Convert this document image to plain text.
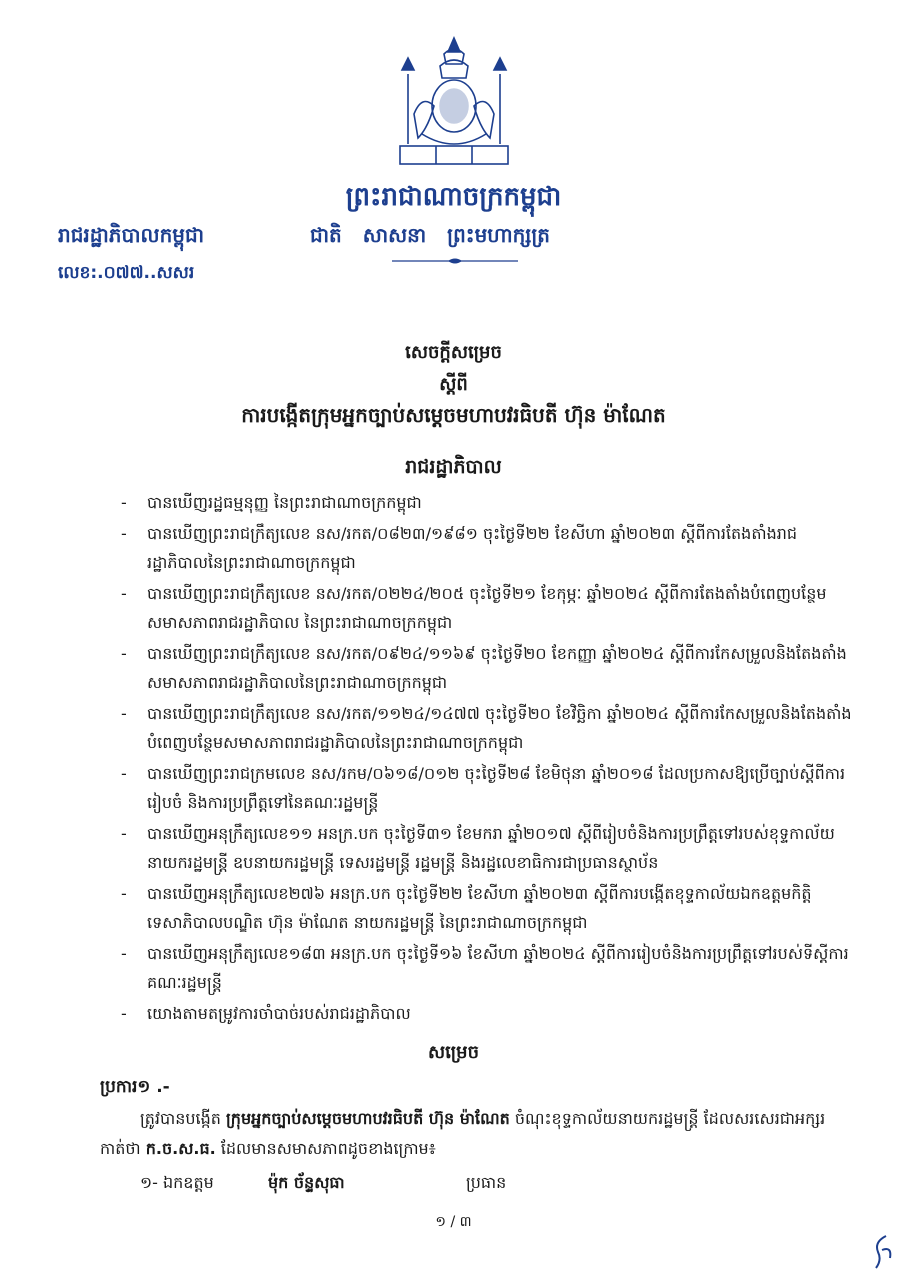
ព្រះរាជាណាចក្រកម្ពុជា
រាជរដ្ឋាភិបាលកម្ពុជា	ជាតិ សាសនា ព្រះមហាក្សត្រ
លេខ:.០៧៧..សសរ
សេចក្តីសម្រេច
ស្តីពី
ការបង្កើតក្រុមអ្នកច្បាប់សម្តេចមហាបវរធិបតី ហ៊ុន ម៉ាណែត
រាជរដ្ឋាភិបាល
- បានឃើញរដ្ឋធម្មនុញ្ញ នៃព្រះរាជាណាចក្រកម្ពុជា
- បានឃើញព្រះរាជក្រឹត្យលេខ នស/រកត/០៨២៣/១៩៨១ ចុះថ្ងៃទី២២ ខែសីហា ឆ្នាំ២០២៣ ស្តីពីការតែងតាំងរាជរដ្ឋាភិបាលនៃព្រះរាជាណាចក្រកម្ពុជា
- បានឃើញព្រះរាជក្រឹត្យលេខ នស/រកត/០២២៤/២០៥ ចុះថ្ងៃទី២១ ខែកុម្ភៈ ឆ្នាំ២០២៤ ស្តីពីការតែងតាំងបំពេញបន្ថែមសមាសភាពរាជរដ្ឋាភិបាល នៃព្រះរាជាណាចក្រកម្ពុជា
- បានឃើញព្រះរាជក្រឹត្យលេខ នស/រកត/០៩២៤/១១៦៩ ចុះថ្ងៃទី២០ ខែកញ្ញា ឆ្នាំ២០២៤ ស្តីពីការកែសម្រួលនិងតែងតាំងសមាសភាពរាជរដ្ឋាភិបាលនៃព្រះរាជាណាចក្រកម្ពុជា
- បានឃើញព្រះរាជក្រឹត្យលេខ នស/រកត/១១២៤/១៤៧៧ ចុះថ្ងៃទី២០ ខែវិច្ឆិកា ឆ្នាំ២០២៤ ស្តីពីការកែសម្រួលនិងតែងតាំងបំពេញបន្ថែមសមាសភាពរាជរដ្ឋាភិបាលនៃព្រះរាជាណាចក្រកម្ពុជា
- បានឃើញព្រះរាជក្រមលេខ នស/រកម/០៦១៨/០១២ ចុះថ្ងៃទី២៨ ខែមិថុនា ឆ្នាំ២០១៨ ដែលប្រកាសឱ្យប្រើច្បាប់ស្តីពីការរៀបចំ និងការប្រព្រឹត្តទៅនៃគណៈរដ្ឋមន្ត្រី
- បានឃើញអនុក្រឹត្យលេខ១១ អនក្រ.បក ចុះថ្ងៃទី៣១ ខែមករា ឆ្នាំ២០១៧ ស្តីពីរៀបចំនិងការប្រព្រឹត្តទៅរបស់ខុទ្ទកាល័យនាយករដ្ឋមន្ត្រី ឧបនាយករដ្ឋមន្ត្រី ទេសរដ្ឋមន្ត្រី រដ្ឋមន្ត្រី និងរដ្ឋលេខាធិការជាប្រធានស្ថាប័ន
- បានឃើញអនុក្រឹត្យលេខ២៧៦ អនក្រ.បក ចុះថ្ងៃទី២២ ខែសីហា ឆ្នាំ២០២៣ ស្តីពីការបង្កើតខុទ្ទកាល័យឯកឧត្តមកិត្តិទេសាភិបាលបណ្ឌិត ហ៊ុន ម៉ាណែត នាយករដ្ឋមន្ត្រី នៃព្រះរាជាណាចក្រកម្ពុជា
- បានឃើញអនុក្រឹត្យលេខ១៨៣ អនក្រ.បក ចុះថ្ងៃទី១៦ ខែសីហា ឆ្នាំ២០២៤ ស្តីពីការរៀបចំនិងការប្រព្រឹត្តទៅរបស់ទីស្តីការគណៈរដ្ឋមន្ត្រី
- យោងតាមតម្រូវការចាំបាច់របស់រាជរដ្ឋាភិបាល
សម្រេច
ប្រការ១ .-
ត្រូវបានបង្កើត ក្រុមអ្នកច្បាប់សម្តេចមហាបវរធិបតី ហ៊ុន ម៉ាណែត ចំណុះខុទ្ទកាល័យនាយករដ្ឋមន្ត្រី ដែលសរសេរជាអក្សរកាត់ថា ក.ច.ស.ធ. ដែលមានសមាសភាពដូចខាងក្រោម៖
១- ឯកឧត្តម	ម៉ុក ច័ន្ទសុធា	ប្រធាន
១ / ៣
